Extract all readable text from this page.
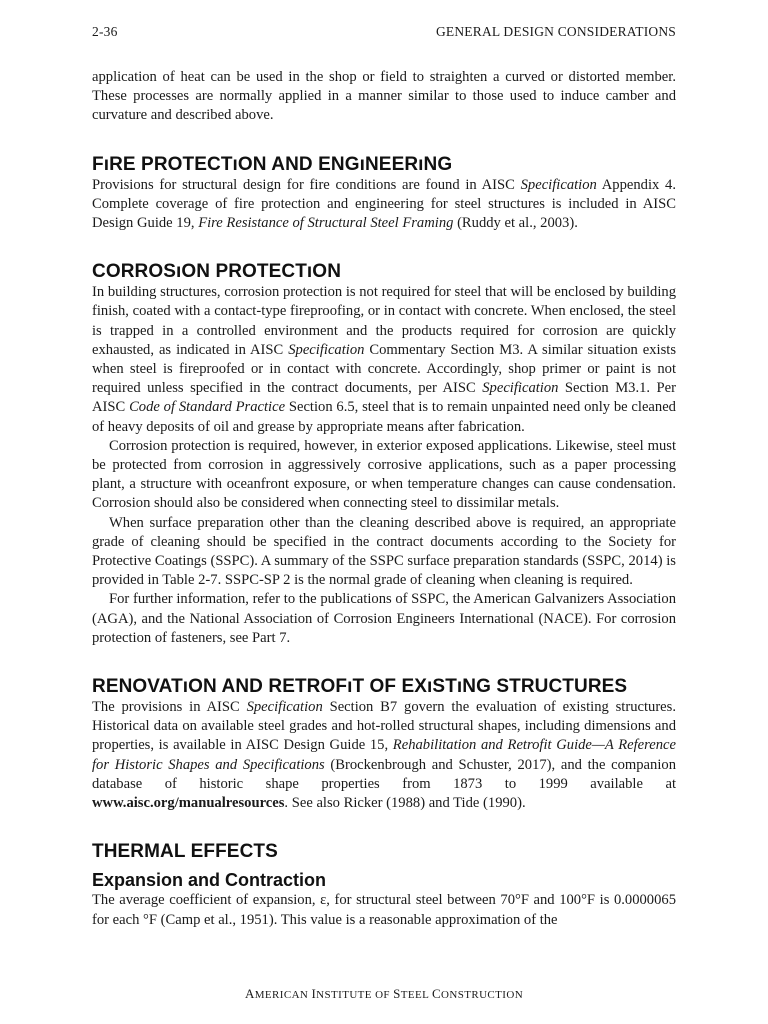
2-36	GENERAL DESIGN CONSIDERATIONS

application of heat can be used in the shop or field to straighten a curved or distorted member. These processes are normally applied in a manner similar to those used to induce camber and curvature and described above.

FıRE PROTECTıON AND ENGıNEERıNG

Provisions for structural design for fire conditions are found in AISC Specification Appendix 4. Complete coverage of fire protection and engineering for steel structures is included in AISC Design Guide 19, Fire Resistance of Structural Steel Framing (Ruddy et al., 2003).

CORROSıON PROTECTıON

In building structures, corrosion protection is not required for steel that will be enclosed by building finish, coated with a contact-type fireproofing, or in contact with concrete. When enclosed, the steel is trapped in a controlled environment and the products required for corrosion are quickly exhausted, as indicated in AISC Specification Commentary Section M3. A similar situation exists when steel is fireproofed or in contact with concrete. Accordingly, shop primer or paint is not required unless specified in the contract documents, per AISC Specification Section M3.1. Per AISC Code of Standard Practice Section 6.5, steel that is to remain unpainted need only be cleaned of heavy deposits of oil and grease by appropriate means after fabrication.

Corrosion protection is required, however, in exterior exposed applications. Likewise, steel must be protected from corrosion in aggressively corrosive applications, such as a paper processing plant, a structure with oceanfront exposure, or when temperature changes can cause condensation. Corrosion should also be considered when connecting steel to dissimilar metals.

When surface preparation other than the cleaning described above is required, an appropriate grade of cleaning should be specified in the contract documents according to the Society for Protective Coatings (SSPC). A summary of the SSPC surface preparation standards (SSPC, 2014) is provided in Table 2-7. SSPC-SP 2 is the normal grade of cleaning when cleaning is required.

For further information, refer to the publications of SSPC, the American Galvanizers Association (AGA), and the National Association of Corrosion Engineers International (NACE). For corrosion protection of fasteners, see Part 7.

RENOVATıON AND RETROFıT OF EXıSTıNG STRUCTURES

The provisions in AISC Specification Section B7 govern the evaluation of existing structures. Historical data on available steel grades and hot-rolled structural shapes, including dimensions and properties, is available in AISC Design Guide 15, Rehabilitation and Retrofit Guide—A Reference for Historic Shapes and Specifications (Brockenbrough and Schuster, 2017), and the companion database of historic shape properties from 1873 to 1999 available at www.aisc.org/manualresources. See also Ricker (1988) and Tide (1990).

THERMAL EFFECTS
Expansion and Contraction

The average coefficient of expansion, ε, for structural steel between 70°F and 100°F is 0.0000065 for each °F (Camp et al., 1951). This value is a reasonable approximation of the

AMERICAN INSTITUTE OF STEEL CONSTRUCTION
